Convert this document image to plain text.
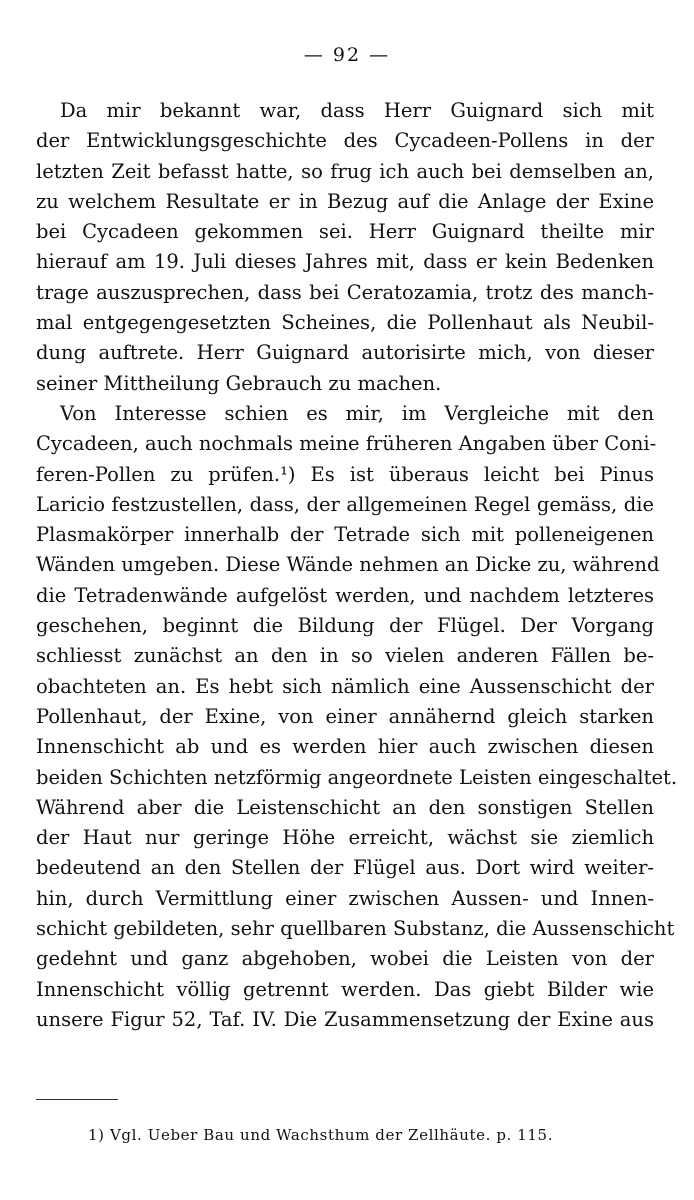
— 92 —
Da mir bekannt war, dass Herr Guignard sich mit
der Entwicklungsgeschichte des Cycadeen-Pollens in der
letzten Zeit befasst hatte, so frug ich auch bei demselben an,
zu welchem Resultate er in Bezug auf die Anlage der Exine
bei Cycadeen gekommen sei. Herr Guignard theilte mir
hierauf am 19. Juli dieses Jahres mit, dass er kein Bedenken
trage auszusprechen, dass bei Ceratozamia, trotz des manch-
mal entgegengesetzten Scheines, die Pollenhaut als Neubil-
dung auftrete. Herr Guignard autorisirte mich, von dieser
seiner Mittheilung Gebrauch zu machen.
Von Interesse schien es mir, im Vergleiche mit den
Cycadeen, auch nochmals meine früheren Angaben über Coni-
feren-Pollen zu prüfen.¹) Es ist überaus leicht bei Pinus
Laricio festzustellen, dass, der allgemeinen Regel gemäss, die
Plasmakörper innerhalb der Tetrade sich mit polleneigenen
Wänden umgeben. Diese Wände nehmen an Dicke zu, während
die Tetradenwände aufgelöst werden, und nachdem letzteres
geschehen, beginnt die Bildung der Flügel. Der Vorgang
schliesst zunächst an den in so vielen anderen Fällen be-
obachteten an. Es hebt sich nämlich eine Aussenschicht der
Pollenhaut, der Exine, von einer annähernd gleich starken
Innenschicht ab und es werden hier auch zwischen diesen
beiden Schichten netzförmig angeordnete Leisten eingeschaltet.
Während aber die Leistenschicht an den sonstigen Stellen
der Haut nur geringe Höhe erreicht, wächst sie ziemlich
bedeutend an den Stellen der Flügel aus. Dort wird weiter-
hin, durch Vermittlung einer zwischen Aussen- und Innen-
schicht gebildeten, sehr quellbaren Substanz, die Aussenschicht
gedehnt und ganz abgehoben, wobei die Leisten von der
Innenschicht völlig getrennt werden. Das giebt Bilder wie
unsere Figur 52, Taf. IV. Die Zusammensetzung der Exine aus
1) Vgl. Ueber Bau und Wachsthum der Zellhäute. p. 115.
